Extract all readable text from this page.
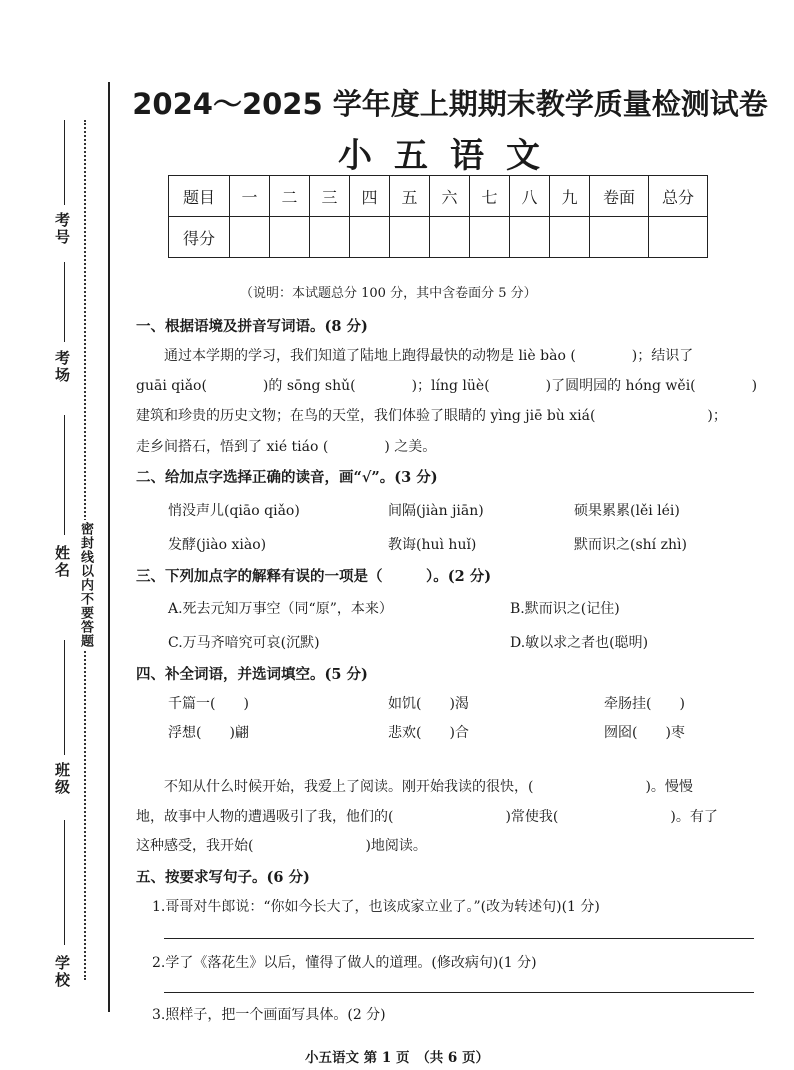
考号
考场
姓名
班级
学校
密封线以内不要答题
2024～2025 学年度上期期末教学质量检测试卷
小五语文
题目	一	二	三	四	五	六	七	八	九	卷面	总分
得分											
（说明：本试题总分 100 分，其中含卷面分 5 分）
一、根据语境及拼音写词语。(8 分)
通过本学期的学习，我们知道了陆地上跑得最快的动物是 liè bào (　　　　)；结识了
guāi qiǎo(　　　　)的 sōng shǔ(　　　　)；líng lüè(　　　　)了圆明园的 hóng wěi(　　　　)
建筑和珍贵的历史文物；在鸟的天堂，我们体验了眼睛的 yìng jiē bù xiá(　　　　　　　　)；
走乡间搭石，悟到了 xié tiáo (　　　　) 之美。
二、给加点字选择正确的读音，画“√”。(3 分)
悄没声儿(qiāo qiǎo)	间隔(jiàn jiān)	硕果累累(lěi léi)
发酵(jiào xiào)	教诲(huì huǐ)	默而识之(shí zhì)
三、下列加点字的解释有误的一项是（　　　）。(2 分)
A.死去元知万事空（同“原”，本来）	B.默而识之(记住)
C.万马齐喑究可哀(沉默)	D.敏以求之者也(聪明)
四、补全词语，并选词填空。(5 分)
千篇一(　　)	如饥(　　)渴	牵肠挂(　　)
浮想(　　)翩	悲欢(　　)合	囫囵(　　)枣
不知从什么时候开始，我爱上了阅读。刚开始我读的很快，(　　　　　　　　)。慢慢
地，故事中人物的遭遇吸引了我，他们的(　　　　　　　　)常使我(　　　　　　　　)。有了
这种感受，我开始(　　　　　　　　)地阅读。
五、按要求写句子。(6 分)
1.哥哥对牛郎说：“你如今长大了，也该成家立业了。”(改为转述句)(1 分)
2.学了《落花生》以后，懂得了做人的道理。(修改病句)(1 分)
3.照样子，把一个画面写具体。(2 分)
小五语文 第 1 页　（共 6 页）
